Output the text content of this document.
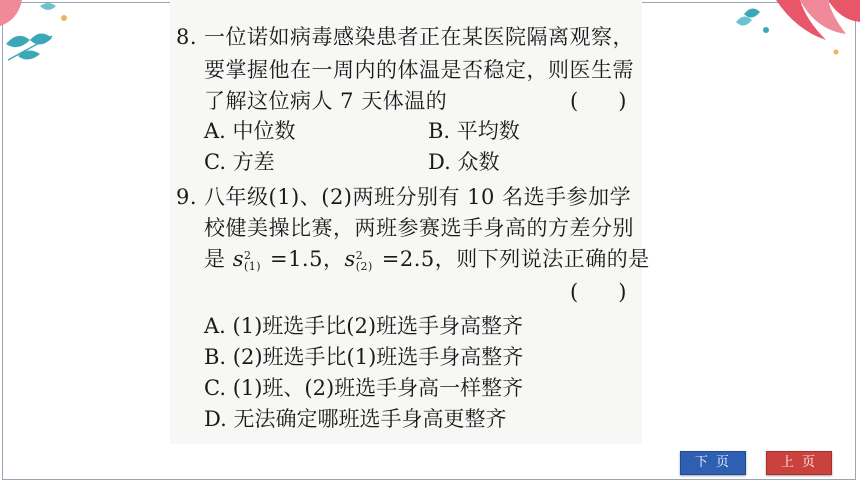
8. 一位诺如病毒感染患者正在某医院隔离观察，
要掌握他在一周内的体温是否稳定，则医生需
了解这位病人 7 天体温的	(      )
A. 中位数	B. 平均数
C. 方差	D. 众数
9. 八年级(1)、(2)两班分别有 10 名选手参加学
校健美操比赛，两班参赛选手身高的方差分别
是 s 2
(1) =1.5，s 2
(2) =2.5，则下列说法正确的是
(      )
A. (1)班选手比(2)班选手身高整齐
B. (2)班选手比(1)班选手身高整齐
C. (1)班、(2)班选手身高一样整齐
D. 无法确定哪班选手身高更整齐
下 页	上 页
